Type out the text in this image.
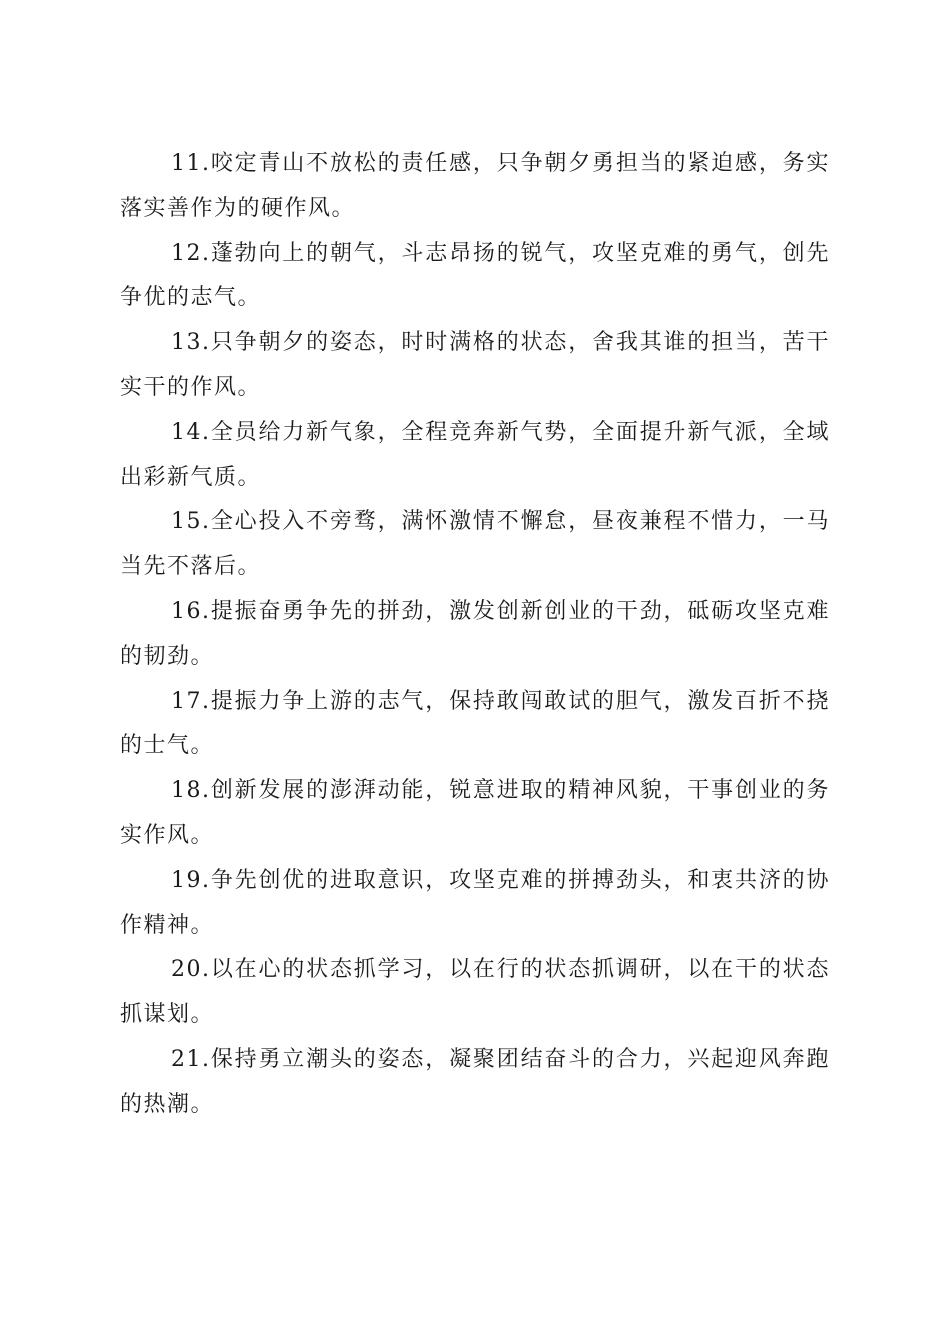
11.咬定青山不放松的责任感，只争朝夕勇担当的紧迫感，务实落实善作为的硬作风。

12.蓬勃向上的朝气，斗志昂扬的锐气，攻坚克难的勇气，创先争优的志气。

13.只争朝夕的姿态，时时满格的状态，舍我其谁的担当，苦干实干的作风。

14.全员给力新气象，全程竞奔新气势，全面提升新气派，全域出彩新气质。

15.全心投入不旁骛，满怀激情不懈怠，昼夜兼程不惜力，一马当先不落后。

16.提振奋勇争先的拼劲，激发创新创业的干劲，砥砺攻坚克难的韧劲。

17.提振力争上游的志气，保持敢闯敢试的胆气，激发百折不挠的士气。

18.创新发展的澎湃动能，锐意进取的精神风貌，干事创业的务实作风。

19.争先创优的进取意识，攻坚克难的拼搏劲头，和衷共济的协作精神。

20.以在心的状态抓学习，以在行的状态抓调研，以在干的状态抓谋划。

21.保持勇立潮头的姿态，凝聚团结奋斗的合力，兴起迎风奔跑的热潮。
